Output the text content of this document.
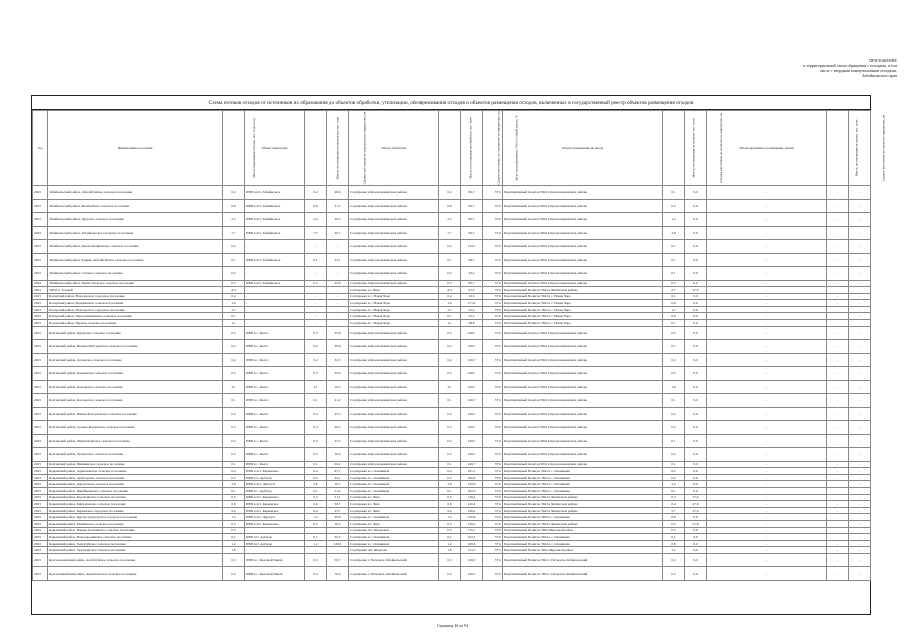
ПРИЛОЖЕНИЕ
к территориальной схеме обращения с отходами, в том
числе с твердыми коммунальными отходами,
Забайкальского края
Схема потоков отходов от источников их образования до объектов обработки, утилизации, обезвреживания отходов и объектов размещения отходов, включенных в государственный реестр объектов размещения отходов
Год	Наименование поселения	Масса образования отходов, тыс. тонн в год	Объект перегрузки	Масса, поступающая на перегрузку, тыс. тонн	Среднее расстояние до перегрузки по маршрутам, км	Объект обработки	Масса, поступающая на обработку, тыс. тонн	Среднее расстояние до сортировки по маршрутам, км	Доля отсортированных ТКО от общей массы, %	Объект размещения (полигон)	Масса, поступающая на полигон, тыс. тонн	Среднее расстояние до полигона по маршрутам, км	Объект временного размещения, свалки	Масса, поступающая на свалку, тыс. тонн	Среднее расстояние до свалки по маршрутам, км
2023	Забайкальский район, Абагайтуйское сельское поселение	0,2	ПВП в пгт. Забайкальск	0,2	40,6	Сортировка в Краснокаменском районе	0,2	99,7	37%	Перспективный полигон ТКО в Краснокаменском районе	0,1	0,0	-	-	-
2023	Забайкальский район, Билитуйское сельское поселение	0,8	ПВП в пгт. Забайкальск	0,8	31,3	Сортировка в Краснокаменском районе	0,8	99,7	37%	Перспективный полигон ТКО в Краснокаменском районе	0,5	0,0	-	-	-
2023	Забайкальский район, Даурское сельское поселение	2,2	ПВП в пгт. Забайкальск	2,2	39,5	Сортировка в Краснокаменском районе	2,2	99,7	37%	Перспективный полигон ТКО в Краснокаменском районе	1,4	0,0	-	-	-
2023	Забайкальский район, Забайкальское городское поселение	7,7	ПВП в пгт. Забайкальск	7,7	20,1	Сортировка в Краснокаменском районе	7,7	99,7	37%	Перспективный полигон ТКО в Краснокаменском районе	4,9	0,0	-	-	-
2023	Забайкальский район, Красновеликанское сельское поселение	0,2	-	-	-	Сортировка в Краснокаменском районе	0,2	133,7	37%	Перспективный полигон ТКО в Краснокаменском районе	0,1	0,0	-	-	-
2023	Забайкальский район, Рудник-Абагайтуйское сельское поселение	0,1	ПВП в пгт. Забайкальск	0,1	42,1	Сортировка в Краснокаменском районе	0,1	99,7	37%	Перспективный полигон ТКО в Краснокаменском районе	0,1	0,0	-	-	-
2023	Забайкальский район, Степное сельское поселение	0,2	-	-	-	Сортировка в Краснокаменском районе	0,2	43,2	37%	Перспективный полигон ТКО в Краснокаменском районе	0,1	0,0	-	-	-
2023	Забайкальский район, Черно-Озерское сельское поселение	0,5	ПВП в пгт. Забайкальск	0,5	42,8	Сортировка в Краснокаменском районе	0,5	99,7	37%	Перспективный полигон ТКО в Краснокаменском районе	0,3	0,0	-	-	-
2023	ЗАТО п. Горный	4,3	-	-	-	Сортировка в г. Чите	4,3	91,3	37%	Перспективный Полигон ТКО в Читинском районе	2,7	27,6	-	-	-
2023	Каларский район, Новочарское городское поселение	0,2	-	-	-	Сортировка в с. Новая Чара	0,2	16,5	37%	Перспективный Полигон ТКО в с. Новая Чара	0,1	0,0	-	-	-
2023	Каларский район, Куандинское сельское поселение	1,0	-	-	-	Сортировка в с. Новая Чара	1,0	171,0	37%	Перспективный Полигон ТКО в с. Новая Чара	0,6	0,0	-	-	-
2023	Каларский район, Новочарское городское поселение	2,7	-	-	-	Сортировка в с. Новая Чара	2,7	23,4	37%	Перспективный Полигон ТКО в с. Новая Чара	1,7	0,0	-	-	-
2023	Каларский район, Чара-Олекминское сельское поселение	0,1	-	-	-	Сортировка в с. Новая Чара	0,1	52,2	37%	Перспективный Полигон ТКО в с. Новая Чара	0,0	0,0	-	-	-
2023	Каларский район, Чарское сельское поселение	1,1	-	-	-	Сортировка в с. Новая Чара	1,1	38,8	37%	Перспективный Полигон ТКО в с. Новая Чара	0,7	0,0	-	-	-
2023	Калганский район, Бурукское сельское поселение	0,3	ПВП в с. Калга	0,3	35,8	Сортировка в Краснокаменском районе	0,3	149,7	37%	Перспективный полигон ТКО в Краснокаменском районе	0,2	0,0	-	-	-
2023	Калганский район, Верхне-Калгуканское сельское поселение	0,2	ПВП в с. Калга	0,2	30,8	Сортировка в Краснокаменском районе	0,2	149,7	37%	Перспективный полигон ТКО в Краснокаменском районе	0,1	0,0	-	-	-
2023	Калганский район, Доновское сельское поселение	0,4	ПВП в с. Калга	0,4	32,5	Сортировка в Краснокаменском районе	0,4	149,7	37%	Перспективный полигон ТКО в Краснокаменском районе	0,2	0,0	-	-	-
2023	Калганский район, Кадаинское сельское поселение	0,3	ПВП в с. Калга	0,3	32,0	Сортировка в Краснокаменском районе	0,3	149,7	37%	Перспективный полигон ТКО в Краснокаменском районе	0,2	0,0	-	-	-
2023	Калганский район, Калганское сельское поселение	3,1	ПВП в с. Калга	3,1	19,5	Сортировка в Краснокаменском районе	3,1	149,7	37%	Перспективный полигон ТКО в Краснокаменском районе	1,9	0,0	-	-	-
2023	Калганский район, Козловское сельское поселение	0,1	ПВП в с. Калга	0,1	41,2	Сортировка в Краснокаменском районе	0,1	149,7	37%	Перспективный полигон ТКО в Краснокаменском районе	0,1	0,0	-	-	-
2023	Калганский район, Нижне-Калгуканское сельское поселение	0,4	ПВП в с. Калга	0,4	25,5	Сортировка в Краснокаменском районе	0,4	149,7	37%	Перспективный полигон ТКО в Краснокаменском районе	0,2	0,0	-	-	-
2023	Калганский район, Средне-Борзинское сельское поселение	0,3	ПВП в с. Калга	0,3	40,2	Сортировка в Краснокаменском районе	0,3	149,7	37%	Перспективный полигон ТКО в Краснокаменском районе	0,2	0,0	-	-	-
2023	Калганский район, Чингильтуйское сельское поселение	0,2	ПВП в с. Калга	0,2	22,3	Сортировка в Краснокаменском районе	0,2	149,7	37%	Перспективный полигон ТКО в Краснокаменском районе	0,1	0,0	-	-	-
2023	Калганский район, Чупровское сельское поселение	0,3	ПВП в с. Калга	0,3	16,0	Сортировка в Краснокаменском районе	0,3	149,7	37%	Перспективный полигон ТКО в Краснокаменском районе	0,2	0,0	-	-	-
2023	Калганский район, Шивиинское сельское поселение	0,1	ПВП в с. Калга	0,1	29,2	Сортировка в Краснокаменском районе	0,1	149,7	37%	Перспективный полигон ТКО в Краснокаменском районе	0,1	0,0	-	-	-
2023	Карымский район, Адриановское сельское поселение	0,4	ПВП в пгт. Карымское	0,4	67,7	Сортировка в с. Оловянная	0,4	161,1	37%	Перспективный Полигон ТКО в с. Оловянная	0,2	0,0	-	-	-
2023	Карымский район, Арбагарское сельское поселение	0,3	ПВП в п. Арбагар	0,3	24,1	Сортировка в с. Оловянная	0,3	100,6	37%	Перспективный Полигон ТКО в с. Оловянная	0,2	0,0	-	-	-
2023	Карымский район, Дарасунское сельское поселение	3,6	ПВП в пгт. Дарасун	3,6	10,7	Сортировка в с. Оловянная	3,6	150,6	37%	Перспективный Полигон ТКО в с. Оловянная	2,2	0,0	-	-	-
2023	Карымский район, Жимбиринское сельское поселение	0,1	ПВП в с. Арбагар	0,1	51,4	Сортировка в с. Оловянная	0,1	102,3	37%	Перспективный Полигон ТКО в с. Оловянная	0,1	0,0	-	-	-
2023	Карымский район, Кадахтинское сельское поселение	0,5	ПВП в пгт. Карымское	0,5	21,1	Сортировка в г. Чите	0,5	126,2	37%	Перспективный Полигон ТКО в Читинском районе	0,3	27,6	-	-	-
2023	Карымский район, Кайдаловское сельское поселение	0,6	ПВП в пгт. Карымское	0,6	30,7	Сортировка в г. Чите	0,6	126,2	37%	Перспективный Полигон ТКО в Читинском районе	0,4	27,6	-	-	-
2023	Карымский район, Карымское городское поселение	9,0	ПВП в пгт. Карымское	9,0	23,7	Сортировка в г. Чите	9,0	126,2	37%	Перспективный Полигон ТКО в Читинском районе	5,7	27,6	-	-	-
2023	Карымский район, Курорт-Дарасунское городское поселение	1,3	ПВП в пгт. Дарасун	1,3	49,6	Сортировка в с. Оловянная	1,3	150,6	37%	Перспективный Полигон ТКО в с. Оловянная	0,8	0,0	-	-	-
2023	Карымский район, Маякинское сельское поселение	0,3	ПВП в пгт. Карымское	0,3	16,2	Сортировка в г. Чите	0,3	126,2	37%	Перспективный Полигон ТКО в Читинском районе	0,2	27,6	-	-	-
2023	Карымский район, Нарын-Талачинское сельское поселение	0,5	-	-	-	Сортировка пгт. Шерловая	0,5	115,1	37%	Перспективный Полигон ТКО Шерловой район	0,3	0,0	-	-	-
2023	Карымский район, Новодоронинское сельское поселение	0,1	ПВП пгт. Арбагар	0,1	30,2	Сортировка в с. Оловянная	0,1	102,3	37%	Перспективный Полигон ТКО в с. Оловянная	0,1	0,0	-	-	-
2023	Карымский район, Тыргетуйское сельское поселение	1,2	ПВП пгт. Арбагар	1,2	120,0	Сортировка в с. Оловянная	1,2	100,6	37%	Перспективный Полигон ТКО в с. Оловянная	0,8	0,0	-	-	-
2023	Карымский район, Урульгинское сельское поселение	1,8	-	-	-	Сортировка пгт. Шерлова	1,8	153,7	37%	Перспективный Полигон ТКО Шерловой район	1,1	0,0	-	-	-
2023	Краснокаменский район, Альбатуйское сельское поселение	0,3	ПВП в с. Красный Чикой	0,3	50,7	Сортировка г. Петровск-Забайкальский	0,3	149,5	37%	Перспективный Полигон ТКО г. Петровск-Забайкальский	0,2	0,0	-	-	-
2023	Красночикойский район, Архангельское сельское поселение	0,4	ПВП в с. Красный Чикой	0,4	76,4	Сортировка г. Петровск-Забайкальский	0,4	149,5	37%	Перспективный Полигон ТКО г. Петровск-Забайкальский	0,3	0,0	-	-	-
Страница 46 из 94
